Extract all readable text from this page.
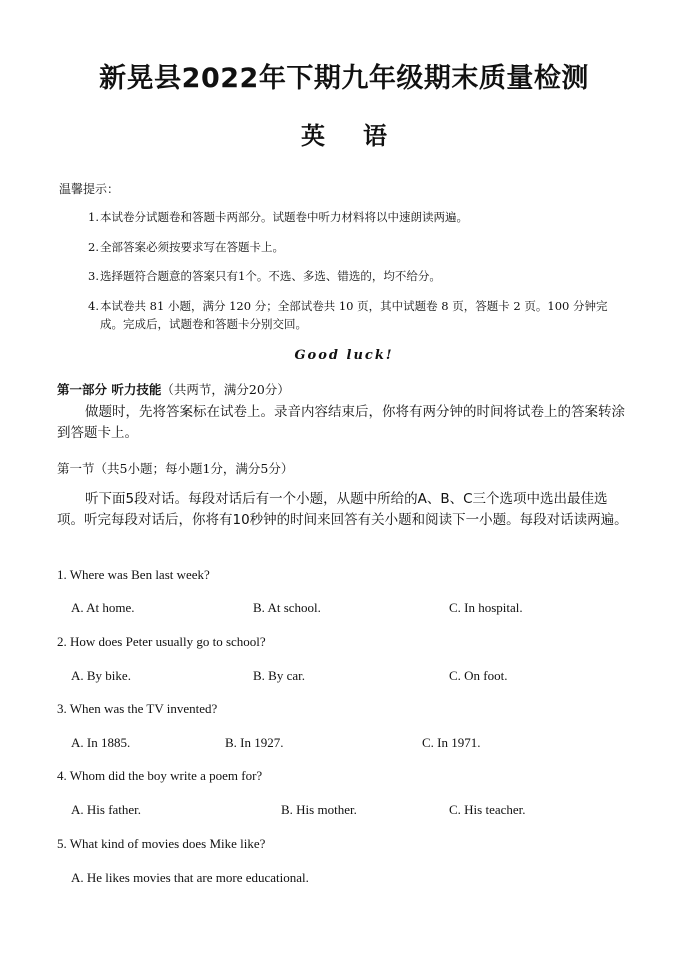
新晃县2022年下期九年级期末质量检测
英语
温馨提示：
1.本试卷分试题卷和答题卡两部分。试题卷中听力材料将以中速朗读两遍。
2.全部答案必须按要求写在答题卡上。
3.选择题符合题意的答案只有1个。不选、多选、错选的，均不给分。
4.本试卷共 81 小题，满分 120 分；全部试卷共 10 页，其中试题卷 8 页，答题卡 2 页。100 分钟完成。完成后，试题卷和答题卡分别交回。
Good luck!
第一部分 听力技能（共两节，满分20分）
做题时，先将答案标在试卷上。录音内容结束后，你将有两分钟的时间将试卷上的答案转涂到答题卡上。
第一节（共5小题；每小题1分，满分5分）
听下面5段对话。每段对话后有一个小题，从题中所给的A、B、C三个选项中选出最佳选项。听完每段对话后，你将有10秒钟的时间来回答有关小题和阅读下一小题。每段对话读两遍。
1. Where was Ben last week?
A. At home.	B. At school.	C. In hospital.
2. How does Peter usually go to school?
A. By bike.	B. By car.	C. On foot.
3. When was the TV invented?
A. In 1885.	B. In 1927.	C. In 1971.
4. Whom did the boy write a poem for?
A. His father.	B. His mother.	C. His teacher.
5. What kind of movies does Mike like?
A. He likes movies that are more educational.
